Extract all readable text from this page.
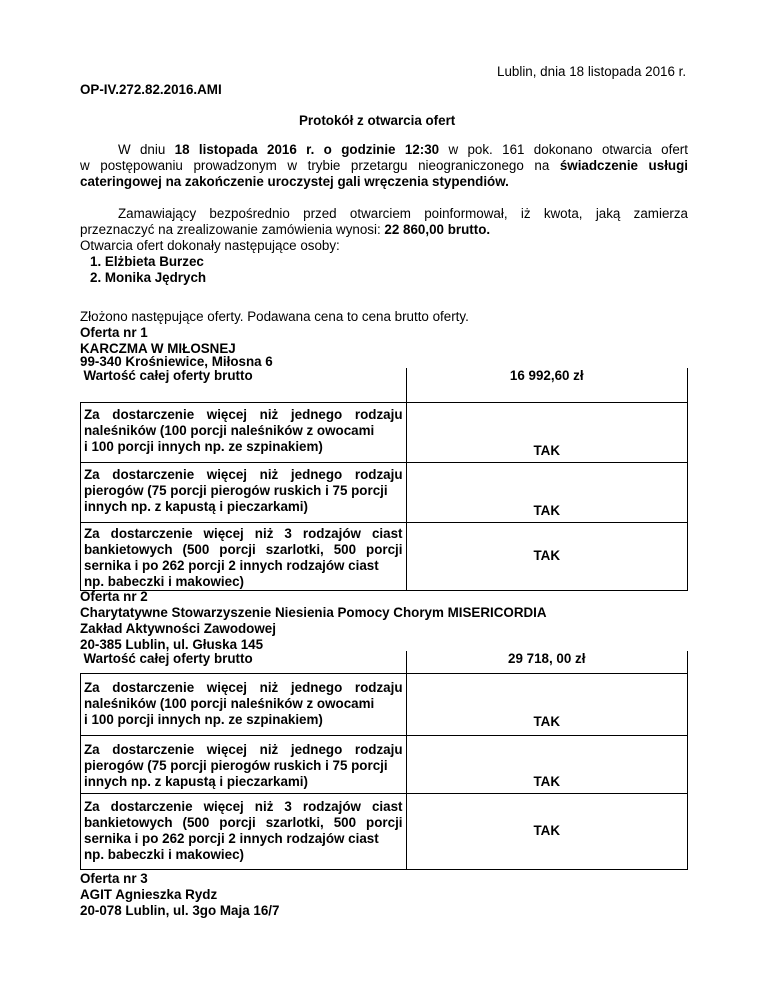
Lublin, dnia 18 listopada 2016 r.
OP-IV.272.82.2016.AMI
Protokół z otwarcia ofert
W dniu 18 listopada 2016 r. o godzinie 12:30 w pok. 161 dokonano otwarcia ofert
w postępowaniu prowadzonym w trybie przetargu nieograniczonego na świadczenie usługi
cateringowej na zakończenie uroczystej gali wręczenia stypendiów.
Zamawiający bezpośrednio przed otwarciem poinformował, iż kwota, jaką zamierza
przeznaczyć na zrealizowanie zamówienia wynosi: 22 860,00 brutto.
Otwarcia ofert dokonały następujące osoby:
1. Elżbieta Burzec
2. Monika Jędrych
Złożono następujące oferty. Podawana cena to cena brutto oferty.
Oferta nr 1
KARCZMA W MIŁOSNEJ
99-340 Krośniewice, Miłosna 6
Wartość całej oferty brutto	16 992,60 zł
Za dostarczenie więcej niż jednego rodzaju naleśników (100 porcji naleśników z owocami
i 100 porcji innych np. ze szpinakiem)	TAK
Za dostarczenie więcej niż jednego rodzaju pierogów (75 porcji pierogów ruskich i 75 porcji
innych np. z kapustą i pieczarkami)	TAK
Za dostarczenie więcej niż 3 rodzajów ciast bankietowych (500 porcji szarlotki, 500 porcji sernika i po 262 porcji 2 innych rodzajów ciast
np. babeczki i makowiec)	TAK
Oferta nr 2
Charytatywne Stowarzyszenie Niesienia Pomocy Chorym MISERICORDIA
Zakład Aktywności Zawodowej
20-385 Lublin, ul. Głuska 145
Wartość całej oferty brutto	29 718, 00 zł
Za dostarczenie więcej niż jednego rodzaju naleśników (100 porcji naleśników z owocami
i 100 porcji innych np. ze szpinakiem)	TAK
Za dostarczenie więcej niż jednego rodzaju pierogów (75 porcji pierogów ruskich i 75 porcji
innych np. z kapustą i pieczarkami)	TAK
Za dostarczenie więcej niż 3 rodzajów ciast bankietowych (500 porcji szarlotki, 500 porcji sernika i po 262 porcji 2 innych rodzajów ciast
np. babeczki i makowiec)	TAK
Oferta nr 3
AGIT Agnieszka Rydz
20-078 Lublin, ul. 3go Maja 16/7
